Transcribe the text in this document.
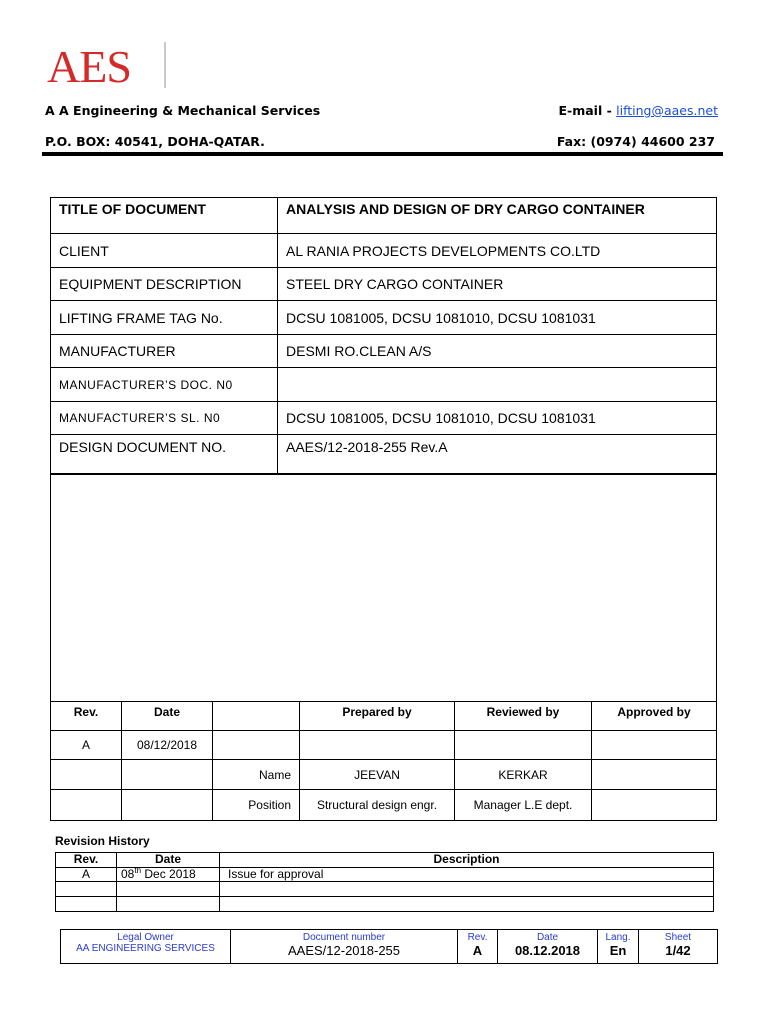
AES
A A Engineering & Mechanical Services	E-mail - lifting@aaes.net
P.O. BOX: 40541, DOHA-QATAR.	Fax: (0974) 44600 237
TITLE OF DOCUMENT	ANALYSIS AND DESIGN OF DRY CARGO CONTAINER
CLIENT	AL RANIA PROJECTS DEVELOPMENTS CO.LTD
EQUIPMENT DESCRIPTION	STEEL DRY CARGO CONTAINER
LIFTING FRAME TAG No.	DCSU 1081005, DCSU 1081010, DCSU 1081031
MANUFACTURER	DESMI RO.CLEAN A/S
MANUFACTURER’S DOC. N0	
MANUFACTURER’S SL. N0	DCSU 1081005, DCSU 1081010, DCSU 1081031
DESIGN DOCUMENT NO.	AAES/12-2018-255 Rev.A
Rev.	Date		Prepared by	Reviewed by	Approved by
A	08/12/2018				
		Name	JEEVAN	KERKAR	
		Position	Structural design engr.	Manager L.E dept.	
Revision History
Rev.	Date	Description
A	08th Dec 2018	Issue for approval

Legal Owner
AA ENGINEERING SERVICES

Document number
AAES/12-2018-255

Rev.
A

Date
08.12.2018

Lang.
En

Sheet
1/42
